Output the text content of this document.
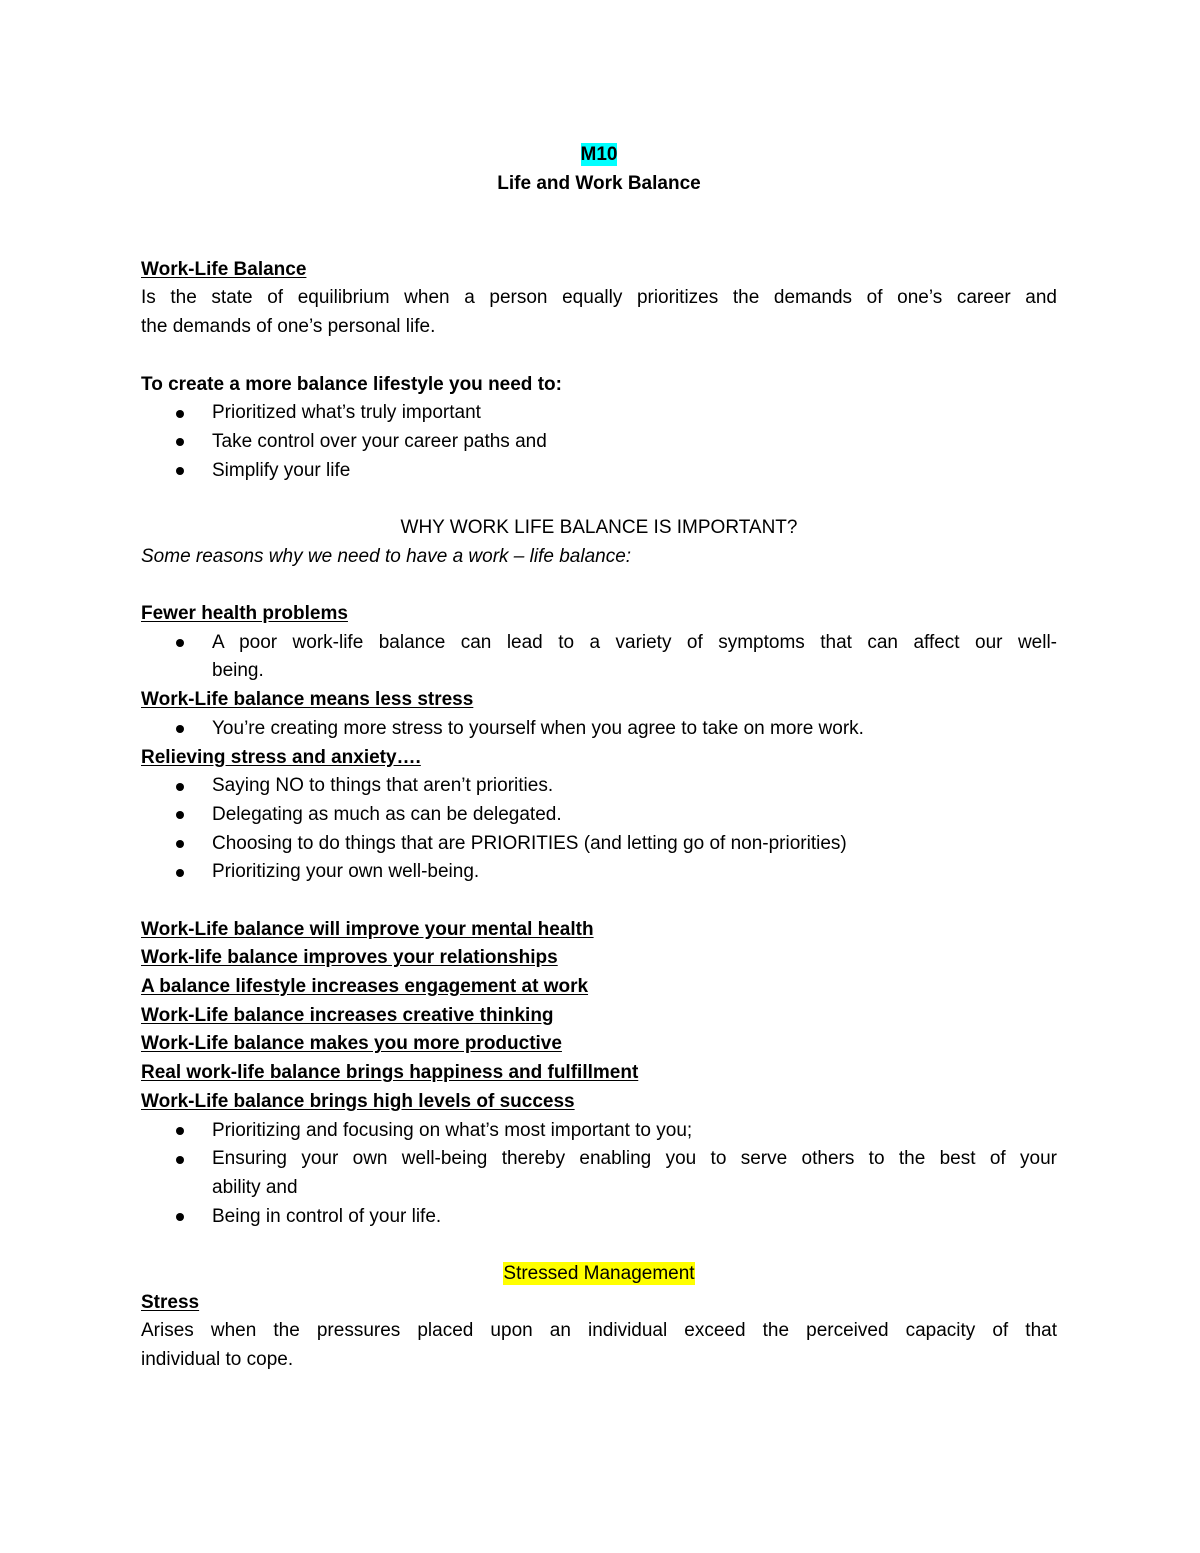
M10
Life and Work Balance
Work-Life Balance
Is the state of equilibrium when a person equally prioritizes the demands of one’s career and
the demands of one’s personal life.
To create a more balance lifestyle you need to:
Prioritized what’s truly important
Take control over your career paths and
Simplify your life
WHY WORK LIFE BALANCE IS IMPORTANT?
Some reasons why we need to have a work – life balance:
Fewer health problems
A poor work-life balance can lead to a variety of symptoms that can affect our well-
being.
Work-Life balance means less stress
You’re creating more stress to yourself when you agree to take on more work.
Relieving stress and anxiety….
Saying NO to things that aren’t priorities.
Delegating as much as can be delegated.
Choosing to do things that are PRIORITIES (and letting go of non-priorities)
Prioritizing your own well-being.
Work-Life balance will improve your mental health
Work-life balance improves your relationships
A balance lifestyle increases engagement at work
Work-Life balance increases creative thinking
Work-Life balance makes you more productive
Real work-life balance brings happiness and fulfillment
Work-Life balance brings high levels of success
Prioritizing and focusing on what’s most important to you;
Ensuring your own well-being thereby enabling you to serve others to the best of your
ability and
Being in control of your life.
Stressed Management
Stress
Arises when the pressures placed upon an individual exceed the perceived capacity of that
individual to cope.
